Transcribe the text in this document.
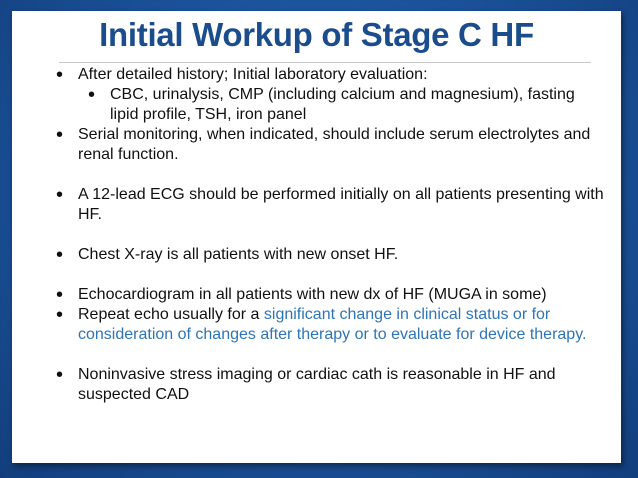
Initial Workup of Stage C HF
• After detailed history; Initial laboratory evaluation:
• CBC, urinalysis, CMP (including calcium and magnesium), fasting lipid profile, TSH, iron panel
• Serial monitoring, when indicated, should include serum electrolytes and renal function.
• A 12-lead ECG should be performed initially on all patients presenting with HF.
• Chest X-ray is all patients with new onset HF.
• Echocardiogram in all patients with new dx of HF (MUGA in some)
• Repeat echo usually for a significant change in clinical status or for consideration of changes after therapy or to evaluate for device therapy.
• Noninvasive stress imaging or cardiac cath is reasonable in HF and suspected CAD
